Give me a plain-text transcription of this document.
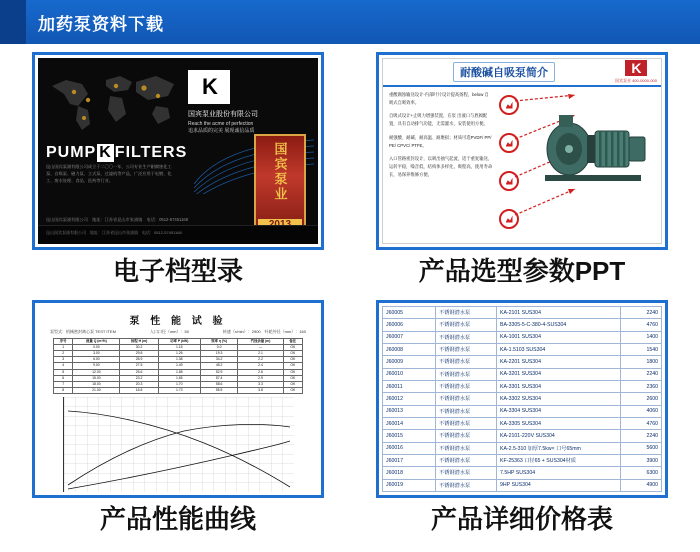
加药泵资料下载
K
国宾泵业股份有限公司
Reach the acme of perfection
追求品质的完美 展现诚信品质
PUMP K FILTERS
昆山国宾泵浦有限公司成立于二〇〇一年，公司专业生产耐腐蚀化工泵、自吸泵、磁力泵、立式泵、过滤机等产品，广泛应用于电镀、化工、废水处理、食品、医药等行业。
昆山国宾泵浦有限公司　地址：江苏省昆山市张浦镇　电话：0512-57451168
国宾泵业
昆山国宾泵浦有限公司　地址：江苏省昆山市张浦镇　电话：0512-57451168
电子档型录
耐酸碱自吸泵简介	K
国宾泵业 400-0000-000

重酸腐蚀输送设计-内部叶片设计提高扬程，below 自吸式自吸效率。

自吸式设计+止吸力增强装置，在泵 出液口与底阀配置，具有自动排气功能，无需灌水，安装使用方便。

耐强酸、耐碱、耐高温、耐磨损；材质可选PVDF/ PP/ PE/ CPVC/ PTFE。

入口管路密封设计，以吸出抽气起流，适于重复输送，运转平稳，噪音低，结构体多样化，吸程高，使用寿命长，易保养维修方便。

产品选型参数PPT
泵 性 能 试 验
泵型式：机械密封离心泵 TEST ITEM	入口口径（mm）：50	转速（r/min）：2900　叶轮外径（mm）：160
序号	流量 Q (m³/h)	扬程 H (m)	功率 P (kW)	效率 η (%)	汽蚀余量 (m)	备注
1	0.00	30.2	1.15	0.0	—	OK
2	3.00	29.8	1.26	19.3	2.1	OK
3	6.00	28.9	1.38	34.2	2.2	OK
4	9.00	27.5	1.49	45.2	2.4	OK
5	12.00	25.6	1.58	52.9	2.6	OK
6	15.00	23.2	1.65	57.4	2.9	OK
7	18.00	20.3	1.70	58.6	3.3	OK
8	21.00	16.8	1.73	55.5	3.8	OK
产品性能曲线
J60005	不锈钢潜水泵	KA-2101 SUS304	2240
J60006	不锈钢潜水泵	BA-3305-5-C-380-4-SUS304	4760
J60007	不锈钢潜水泵	KA-1001 SUS304	1400
J60008	不锈钢潜水泵	KA-1.5103 SUS304	1540
J60009	不锈钢潜水泵	KA-2201 SUS304	1800
J60010	不锈钢潜水泵	KA-3201 SUS304	2240
J60011	不锈钢潜水泵	KA-3301 SUS304	2360
J60012	不锈钢潜水泵	KA-3302 SUS304	2600
J60013	不锈钢潜水泵	KA-3304 SUS304	4060
J60014	不锈钢潜水泵	KA-3305 SUS304	4760
J60015	不锈钢潜水泵	KA-2101-220V SUS304	2240
J60016	不锈钢潜水泵	KA-2.5-310 加厚7.5kw× 口号65mm	5600
J60017	不锈钢潜水泵	KF-25363 口径65 + SUS304材质	3900
J60018	不锈钢潜水泵	7.5HP SUS304	6300
J60019	不锈钢潜水泵	9HP SUS304	4900
产品详细价格表
